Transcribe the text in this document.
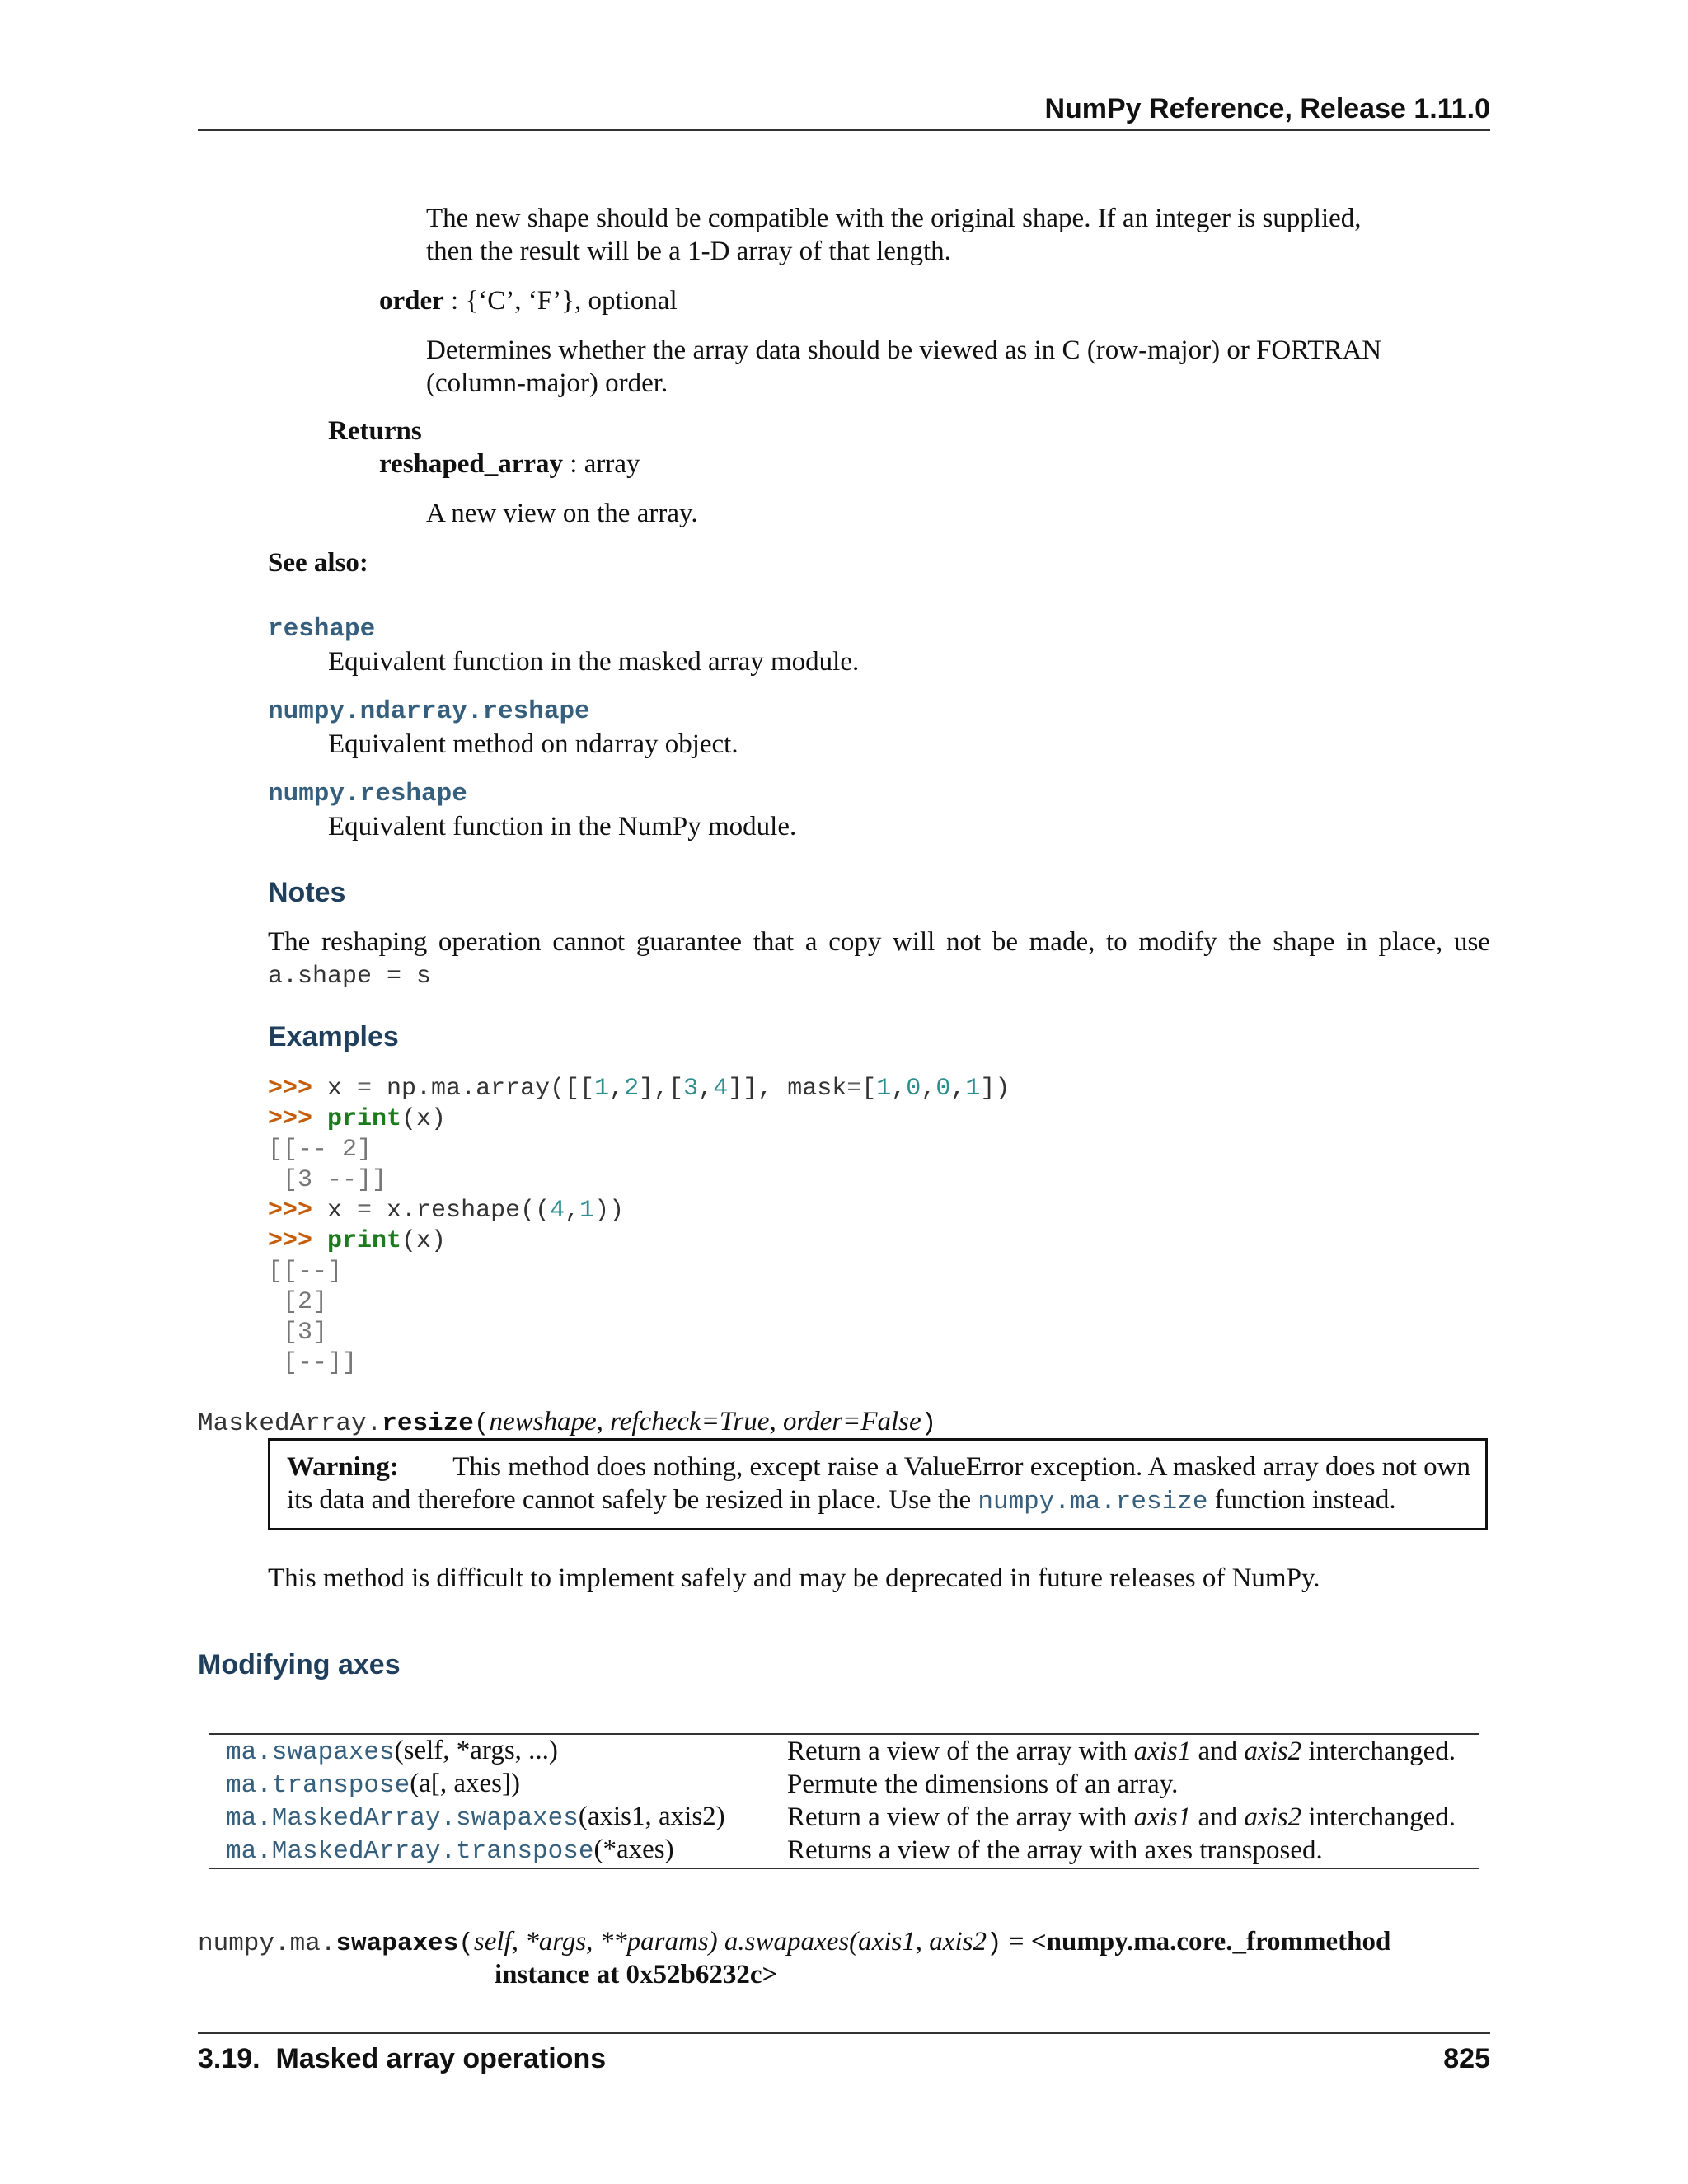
NumPy Reference, Release 1.11.0
The new shape should be compatible with the original shape. If an integer is supplied,
then the result will be a 1-D array of that length.
order : {‘C’, ‘F’}, optional
Determines whether the array data should be viewed as in C (row-major) or FORTRAN
(column-major) order.
Returns
reshaped_array : array
A new view on the array.
See also:
reshape
Equivalent function in the masked array module.
numpy.ndarray.reshape
Equivalent method on ndarray object.
numpy.reshape
Equivalent function in the NumPy module.
Notes
The reshaping operation cannot guarantee that a copy will not be made, to modify the shape in place, use
a.shape = s
Examples
>>> x = np.ma.array([[1,2],[3,4]], mask=[1,0,0,1])
>>> print(x)
[[-- 2]
[3 --]]
>>> x = x.reshape((4,1))
>>> print(x)
[[--]
[2]
[3]
[--]]
MaskedArray.resize(newshape, refcheck=True, order=False)
Warning: This method does nothing, except raise a ValueError exception. A masked array does not own
its data and therefore cannot safely be resized in place. Use the numpy.ma.resize function instead.
This method is difficult to implement safely and may be deprecated in future releases of NumPy.
Modifying axes
ma.swapaxes(self, *args, ...)	Return a view of the array with axis1 and axis2 interchanged.
ma.transpose(a[, axes])	Permute the dimensions of an array.
ma.MaskedArray.swapaxes(axis1, axis2)	Return a view of the array with axis1 and axis2 interchanged.
ma.MaskedArray.transpose(*axes)	Returns a view of the array with axes transposed.
numpy.ma.swapaxes(self, *args, **params) a.swapaxes(axis1, axis2) = <numpy.ma.core._frommethod
instance at 0x52b6232c>
3.19.  Masked array operations	825
